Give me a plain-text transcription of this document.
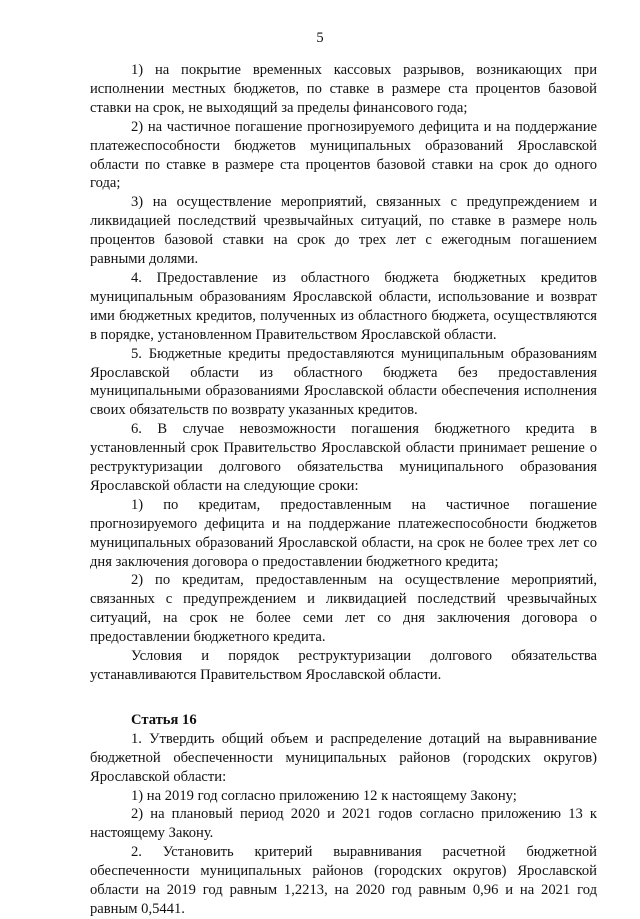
5

1) на покрытие временных кассовых разрывов, возникающих при исполнении местных бюджетов, по ставке в размере ста процентов базовой ставки на срок, не выходящий за пределы финансового года;

2) на частичное погашение прогнозируемого дефицита и на поддержание платежеспособности бюджетов муниципальных образований Ярославской области по ставке в размере ста процентов базовой ставки на срок до одного года;

3) на осуществление мероприятий, связанных с предупреждением и ликвидацией последствий чрезвычайных ситуаций, по ставке в размере ноль процентов базовой ставки на срок до трех лет с ежегодным погашением равными долями.

4. Предоставление из областного бюджета бюджетных кредитов муниципальным образованиям Ярославской области, использование и возврат ими бюджетных кредитов, полученных из областного бюджета, осуществляются в порядке, установленном Правительством Ярославской области.

5. Бюджетные кредиты предоставляются муниципальным образованиям Ярославской области из областного бюджета без предоставления муниципальными образованиями Ярославской области обеспечения исполнения своих обязательств по возврату указанных кредитов.

6. В случае невозможности погашения бюджетного кредита в установленный срок Правительство Ярославской области принимает решение о реструктуризации долгового обязательства муниципального образования Ярославской области на следующие сроки:

1) по кредитам, предоставленным на частичное погашение прогнозируемого дефицита и на поддержание платежеспособности бюджетов муниципальных образований Ярославской области, на срок не более трех лет со дня заключения договора о предоставлении бюджетного кредита;

2) по кредитам, предоставленным на осуществление мероприятий, связанных с предупреждением и ликвидацией последствий чрезвычайных ситуаций, на срок не более семи лет со дня заключения договора о предоставлении бюджетного кредита.

Условия и порядок реструктуризации долгового обязательства устанавливаются Правительством Ярославской области.

Статья 16

1. Утвердить общий объем и распределение дотаций на выравнивание бюджетной обеспеченности муниципальных районов (городских округов) Ярославской области:

1) на 2019 год согласно приложению 12 к настоящему Закону;

2) на плановый период 2020 и 2021 годов согласно приложению 13 к настоящему Закону.

2. Установить критерий выравнивания расчетной бюджетной обеспеченности муниципальных районов (городских округов) Ярославской области на 2019 год равным 1,2213, на 2020 год равным 0,96 и на 2021 год равным 0,5441.
